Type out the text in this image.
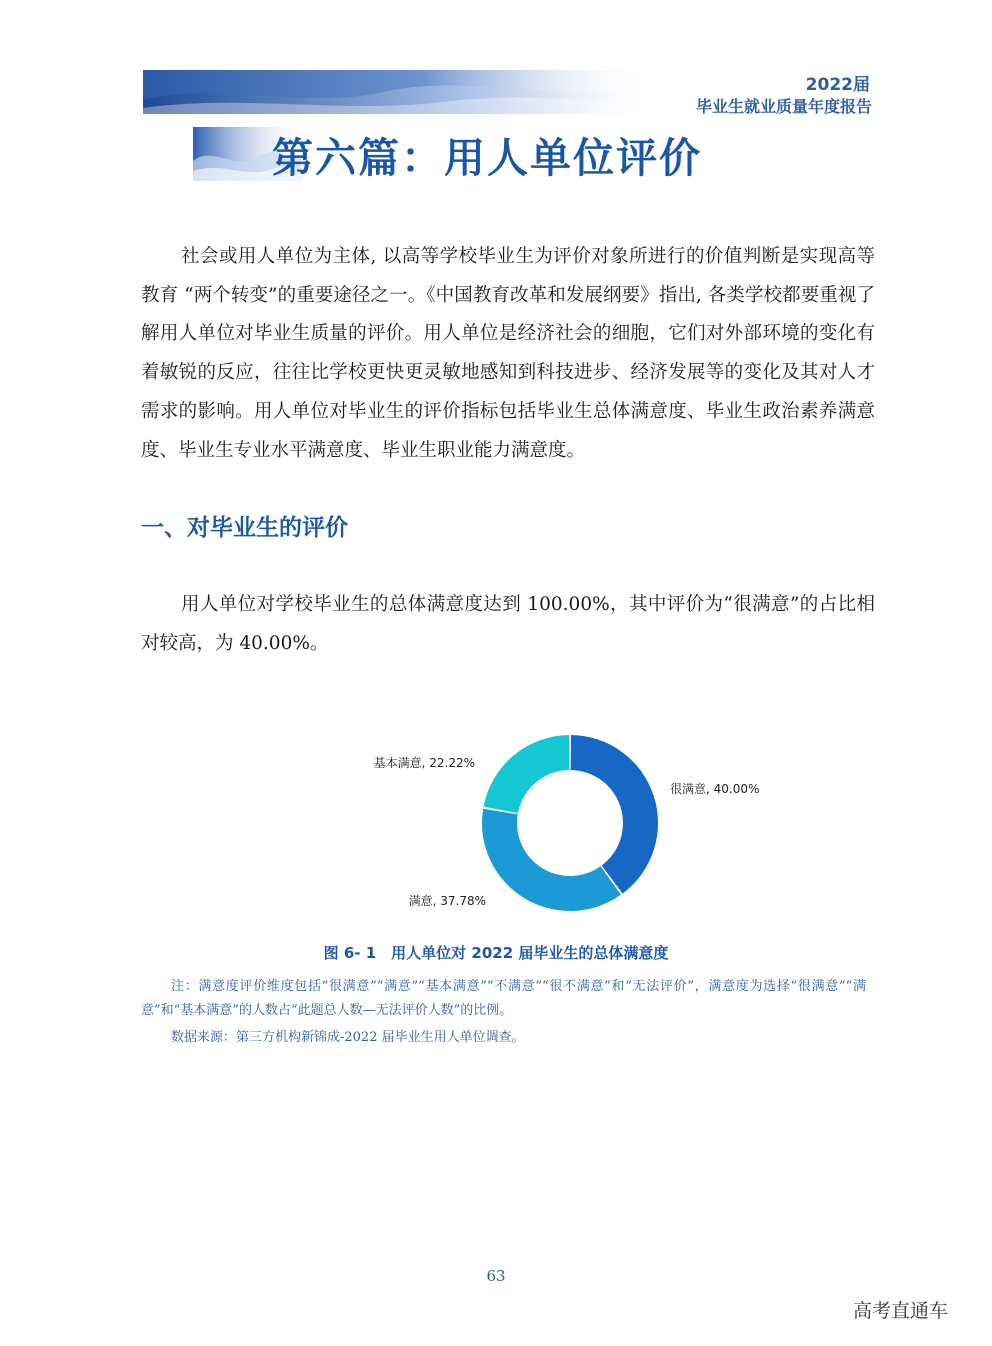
2022届
毕业生就业质量年度报告
第六篇：用人单位评价
社会或用人单位为主体, 以高等学校毕业生为评价对象所进行的价值判断是实现高等教育 “两个转变”的重要途径之一。《中国教育改革和发展纲要》指出, 各类学校都要重视了解用人单位对毕业生质量的评价。用人单位是经济社会的细胞，它们对外部环境的变化有着敏锐的反应，往往比学校更快更灵敏地感知到科技进步、经济发展等的变化及其对人才需求的影响。用人单位对毕业生的评价指标包括毕业生总体满意度、毕业生政治素养满意度、毕业生专业水平满意度、毕业生职业能力满意度。
一、对毕业生的评价
用人单位对学校毕业生的总体满意度达到 100.00%，其中评价为“很满意”的占比相对较高，为 40.00%。
很满意, 40.00%
满意, 37.78%
基本满意, 22.22%
图 6- 1　用人单位对 2022 届毕业生的总体满意度
注：满意度评价维度包括“很满意”“满意”“基本满意”“不满意”“很不满意”和“无法评价”，满意度为选择“很满意”“满意”和“基本满意”的人数占“此题总人数—无法评价人数”的比例。
数据来源：第三方机构新锦成-2022 届毕业生用人单位调查。
63
高考直通车
